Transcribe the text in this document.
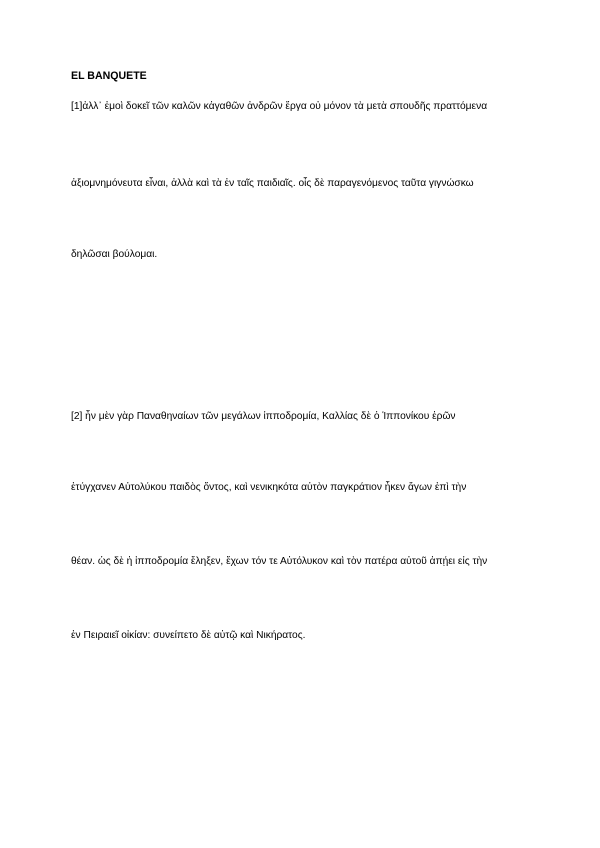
EL BANQUETE
[1]ἀλλ᾽ ἐμοὶ δοκεῖ τῶν καλῶν κἀγαθῶν ἀνδρῶν ἔργα οὐ μόνον τὰ μετὰ σπουδῆς πραττόμενα
ἀξιομνημόνευτα εἶναι, ἀλλὰ καὶ τὰ ἐν ταῖς παιδιαῖς. οἷς δὲ παραγενόμενος ταῦτα γιγνώσκω
δηλῶσαι βούλομαι.
[2] ἦν μὲν γὰρ Παναθηναίων τῶν μεγάλων ἱπποδρομία, Καλλίας δὲ ὁ Ἱππονίκου ἐρῶν
ἐτύγχανεν Αὐτολύκου παιδὸς ὄντος, καὶ νενικηκότα αὐτὸν παγκράτιον ἧκεν ἄγων ἐπὶ τὴν
θέαν. ὡς δὲ ἡ ἱπποδρομία ἔληξεν, ἔχων τόν τε Αὐτόλυκον καὶ τὸν πατέρα αὐτοῦ ἀπῄει εἰς τὴν
ἐν Πειραιεῖ οἰκίαν: συνείπετο δὲ αὐτῷ καὶ Νικήρατος.
